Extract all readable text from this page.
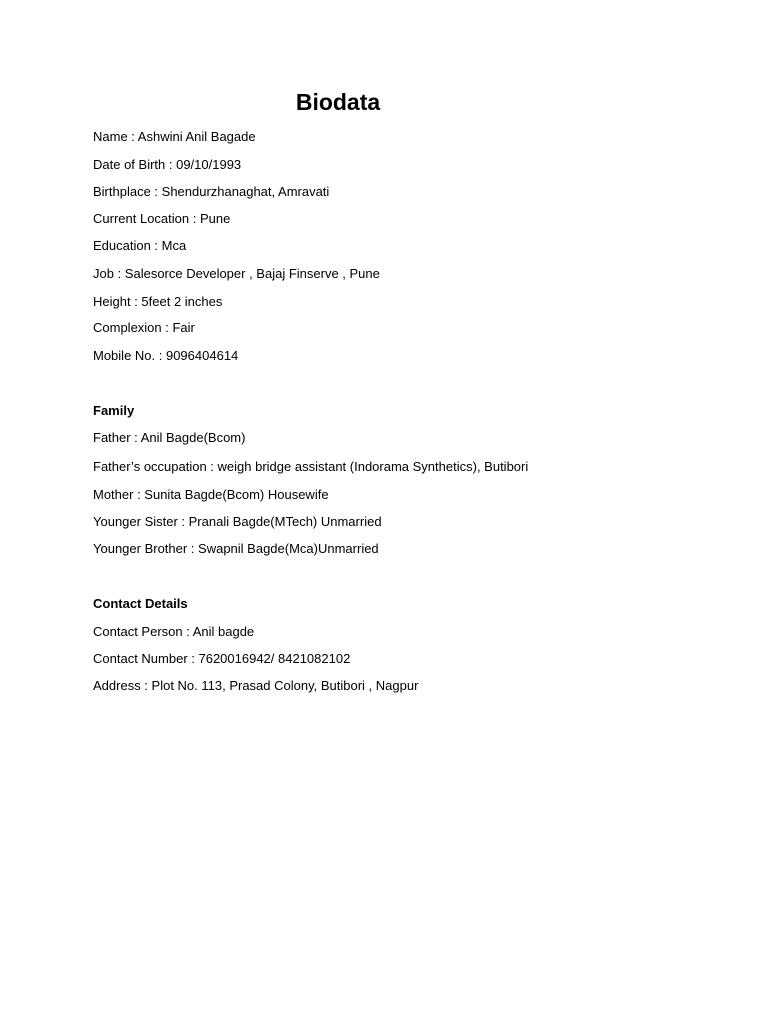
Biodata
Name : Ashwini Anil Bagade
Date of Birth : 09/10/1993
Birthplace : Shendurzhanaghat, Amravati
Current Location : Pune
Education : Mca
Job : Salesorce Developer , Bajaj Finserve , Pune
Height : 5feet 2 inches
Complexion : Fair
Mobile No. : 9096404614
Family
Father : Anil Bagde(Bcom)
Father’s occupation : weigh bridge assistant (Indorama Synthetics), Butibori
Mother : Sunita Bagde(Bcom) Housewife
Younger Sister : Pranali Bagde(MTech) Unmarried
Younger Brother : Swapnil Bagde(Mca)Unmarried
Contact Details
Contact Person : Anil bagde
Contact Number : 7620016942/ 8421082102
Address : Plot No. 113, Prasad Colony, Butibori , Nagpur
